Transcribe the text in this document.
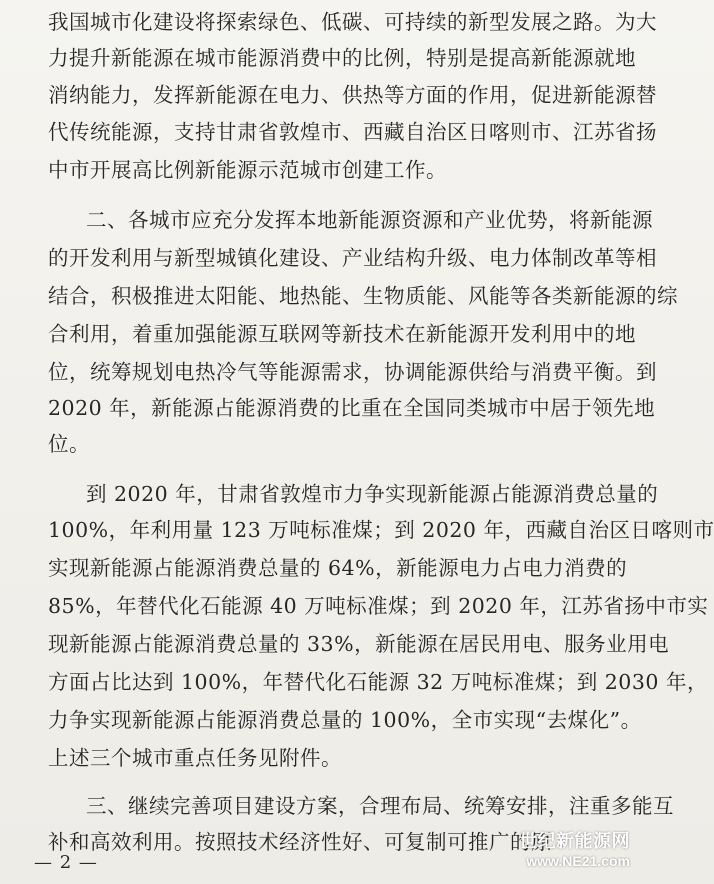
我国城市化建设将探索绿色、低碳、可持续的新型发展之路。为大
力提升新能源在城市能源消费中的比例，特别是提高新能源就地
消纳能力，发挥新能源在电力、供热等方面的作用，促进新能源替
代传统能源，支持甘肃省敦煌市、西藏自治区日喀则市、江苏省扬
中市开展高比例新能源示范城市创建工作。
二、各城市应充分发挥本地新能源资源和产业优势，将新能源
的开发利用与新型城镇化建设、产业结构升级、电力体制改革等相
结合，积极推进太阳能、地热能、生物质能、风能等各类新能源的综
合利用，着重加强能源互联网等新技术在新能源开发利用中的地
位，统筹规划电热冷气等能源需求，协调能源供给与消费平衡。到
2020 年，新能源占能源消费的比重在全国同类城市中居于领先地
位。
到 2020 年，甘肃省敦煌市力争实现新能源占能源消费总量的
100%，年利用量 123 万吨标准煤；到 2020 年，西藏自治区日喀则市
实现新能源占能源消费总量的 64%，新能源电力占电力消费的
85%，年替代化石能源 40 万吨标准煤；到 2020 年，江苏省扬中市实
现新能源占能源消费总量的 33%，新能源在居民用电、服务业用电
方面占比达到 100%，年替代化石能源 32 万吨标准煤；到 2030 年，
力争实现新能源占能源消费总量的 100%，全市实现“去煤化”。
上述三个城市重点任务见附件。
三、继续完善项目建设方案，合理布局、统筹安排，注重多能互
补和高效利用。按照技术经济性好、可复制可推广的原
— 2 —
世纪新能源网
www.NE21.com
